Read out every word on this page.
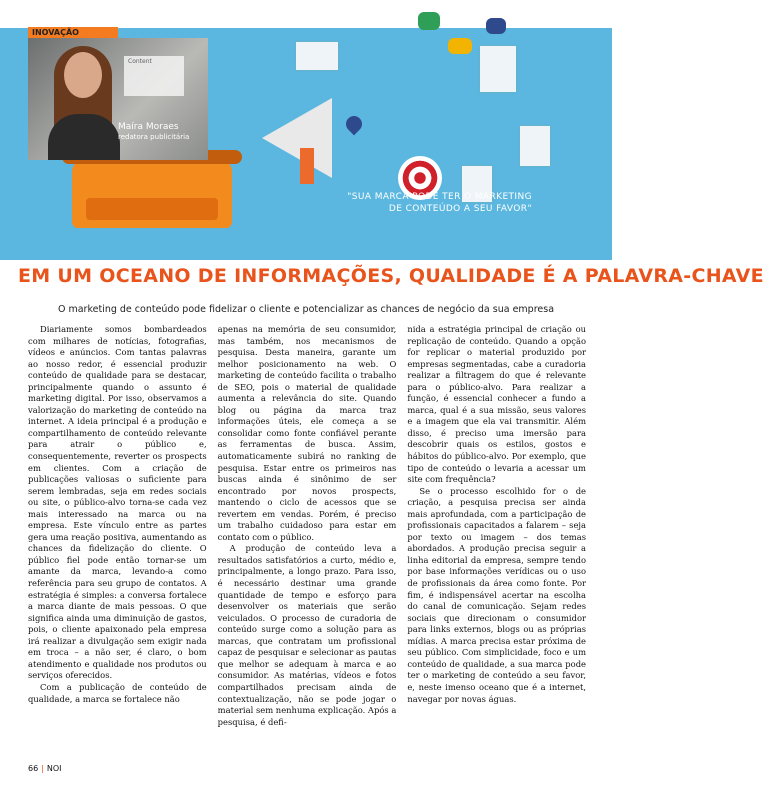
Content
INOVAÇÃO
Maíra Moraes
redatora publicitária
"SUA MARCA PODE TER O MARKETING
DE CONTEÚDO A SEU FAVOR"
EM UM OCEANO DE INFORMAÇÕES, QUALIDADE É A PALAVRA-CHAVE
O marketing de conteúdo pode fidelizar o cliente e potencializar as chances de negócio da sua empresa

Diariamente somos bombardeados com milhares de notícias, fotografias, vídeos e anúncios. Com tantas palavras ao nosso redor, é essencial produzir conteúdo de qualidade para se destacar, principalmente quando o assunto é marketing digital. Por isso, observamos a valorização do marketing de conteúdo na internet. A ideia principal é a produção e compartilhamento de conteúdo relevante para atrair o público e, consequentemente, reverter os prospects em clientes. Com a criação de publicações valiosas o suficiente para serem lembradas, seja em redes sociais ou site, o público-alvo torna-se cada vez mais interessado na marca ou na empresa. Este vínculo entre as partes gera uma reação positiva, aumentando as chances da fidelização do cliente. O público fiel pode então tornar-se um amante da marca, levando-a como referência para seu grupo de contatos. A estratégia é simples: a conversa fortalece a marca diante de mais pessoas. O que significa ainda uma diminuição de gastos, pois, o cliente apaixonado pela empresa irá realizar a divulgação sem exigir nada em troca – a não ser, é claro, o bom atendimento e qualidade nos produtos ou serviços oferecidos.

Com a publicação de conteúdo de qualidade, a marca se fortalece não

apenas na memória de seu consumidor, mas também, nos mecanismos de pesquisa. Desta maneira, garante um melhor posicionamento na web. O marketing de conteúdo facilita o trabalho de SEO, pois o material de qualidade aumenta a relevância do site. Quando blog ou página da marca traz informações úteis, ele começa a se consolidar como fonte confiável perante as ferramentas de busca. Assim, automaticamente subirá no ranking de pesquisa. Estar entre os primeiros nas buscas ainda é sinônimo de ser encontrado por novos prospects, mantendo o ciclo de acessos que se revertem em vendas. Porém, é preciso um trabalho cuidadoso para estar em contato com o público.

A produção de conteúdo leva a resultados satisfatórios a curto, médio e, principalmente, a longo prazo. Para isso, é necessário destinar uma grande quantidade de tempo e esforço para desenvolver os materiais que serão veiculados. O processo de curadoria de conteúdo surge como a solução para as marcas, que contratam um profissional capaz de pesquisar e selecionar as pautas que melhor se adequam à marca e ao consumidor. As matérias, vídeos e fotos compartilhados precisam ainda de contextualização, não se pode jogar o material sem nenhuma explicação. Após a pesquisa, é defi-

nida a estratégia principal de criação ou replicação de conteúdo. Quando a opção for replicar o material produzido por empresas segmentadas, cabe a curadoria realizar a filtragem do que é relevante para o público-alvo. Para realizar a função, é essencial conhecer a fundo a marca, qual é a sua missão, seus valores e a imagem que ela vai transmitir. Além disso, é preciso uma imersão para descobrir quais os estilos, gostos e hábitos do público-alvo. Por exemplo, que tipo de conteúdo o levaria a acessar um site com frequência?

Se o processo escolhido for o de criação, a pesquisa precisa ser ainda mais aprofundada, com a participação de profissionais capacitados a falarem – seja por texto ou imagem – dos temas abordados. A produção precisa seguir a linha editorial da empresa, sempre tendo por base informações verídicas ou o uso de profissionais da área como fonte. Por fim, é indispensável acertar na escolha do canal de comunicação. Sejam redes sociais que direcionam o consumidor para links externos, blogs ou as próprias mídias. A marca precisa estar próxima de seu público. Com simplicidade, foco e um conteúdo de qualidade, a sua marca pode ter o marketing de conteúdo a seu favor, e, neste imenso oceano que é a internet, navegar por novas águas.

66 | NOI
